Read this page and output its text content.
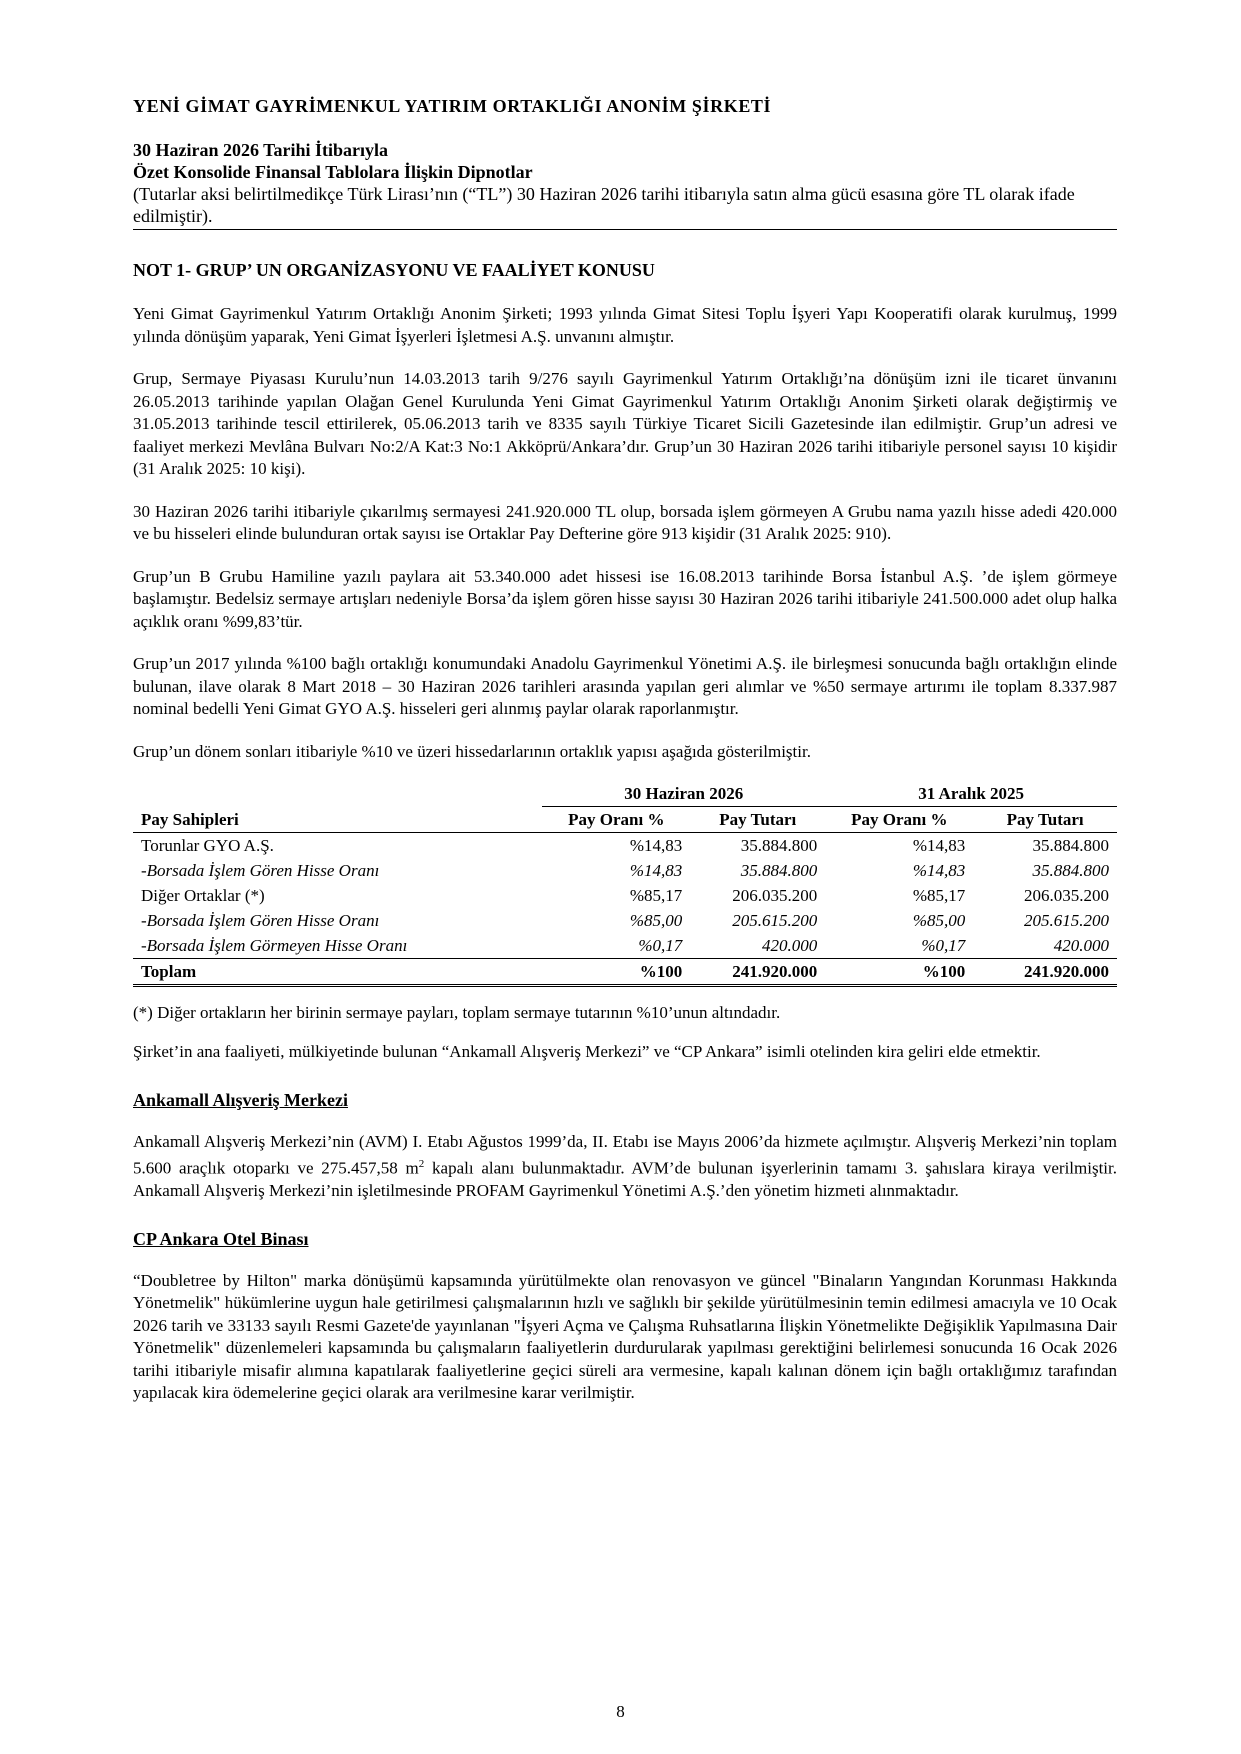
YENİ GİMAT GAYRİMENKUL YATIRIM ORTAKLIĞI ANONİM ŞİRKETİ
30 Haziran 2026 Tarihi İtibarıyla
Özet Konsolide Finansal Tablolara İlişkin Dipnotlar
(Tutarlar aksi belirtilmedikçe Türk Lirası’nın (“TL”) 30 Haziran 2026 tarihi itibarıyla satın alma gücü esasına göre TL olarak ifade edilmiştir).
NOT 1- GRUP’ UN ORGANİZASYONU VE FAALİYET KONUSU

Yeni Gimat Gayrimenkul Yatırım Ortaklığı Anonim Şirketi; 1993 yılında Gimat Sitesi Toplu İşyeri Yapı Kooperatifi olarak kurulmuş, 1999 yılında dönüşüm yaparak, Yeni Gimat İşyerleri İşletmesi A.Ş. unvanını almıştır.

Grup, Sermaye Piyasası Kurulu’nun 14.03.2013 tarih 9/276 sayılı Gayrimenkul Yatırım Ortaklığı’na dönüşüm izni ile ticaret ünvanını 26.05.2013 tarihinde yapılan Olağan Genel Kurulunda Yeni Gimat Gayrimenkul Yatırım Ortaklığı Anonim Şirketi olarak değiştirmiş ve 31.05.2013 tarihinde tescil ettirilerek, 05.06.2013 tarih ve 8335 sayılı Türkiye Ticaret Sicili Gazetesinde ilan edilmiştir. Grup’un adresi ve faaliyet merkezi Mevlâna Bulvarı No:2/A Kat:3 No:1 Akköprü/Ankara’dır. Grup’un 30 Haziran 2026 tarihi itibariyle personel sayısı 10 kişidir (31 Aralık 2025: 10 kişi).

30 Haziran 2026 tarihi itibariyle çıkarılmış sermayesi 241.920.000 TL olup, borsada işlem görmeyen A Grubu nama yazılı hisse adedi 420.000 ve bu hisseleri elinde bulunduran ortak sayısı ise Ortaklar Pay Defterine göre 913 kişidir (31 Aralık 2025: 910).

Grup’un B Grubu Hamiline yazılı paylara ait 53.340.000 adet hissesi ise 16.08.2013 tarihinde Borsa İstanbul A.Ş. ’de işlem görmeye başlamıştır. Bedelsiz sermaye artışları nedeniyle Borsa’da işlem gören hisse sayısı 30 Haziran 2026 tarihi itibariyle 241.500.000 adet olup halka açıklık oranı %99,83’tür.

Grup’un 2017 yılında %100 bağlı ortaklığı konumundaki Anadolu Gayrimenkul Yönetimi A.Ş. ile birleşmesi sonucunda bağlı ortaklığın elinde bulunan, ilave olarak 8 Mart 2018 – 30 Haziran 2026 tarihleri arasında yapılan geri alımlar ve %50 sermaye artırımı ile toplam 8.337.987 nominal bedelli Yeni Gimat GYO A.Ş. hisseleri geri alınmış paylar olarak raporlanmıştır.

Grup’un dönem sonları itibariyle %10 ve üzeri hissedarlarının ortaklık yapısı aşağıda gösterilmiştir.

	30 Haziran 2026		31 Aralık 2025	
Pay Sahipleri	Pay Oranı %	Pay Tutarı	Pay Oranı %	Pay Tutarı
Torunlar GYO A.Ş.	%14,83	35.884.800	%14,83	35.884.800
-Borsada İşlem Gören Hisse Oranı	%14,83	35.884.800	%14,83	35.884.800
Diğer Ortaklar (*)	%85,17	206.035.200	%85,17	206.035.200
-Borsada İşlem Gören Hisse Oranı	%85,00	205.615.200	%85,00	205.615.200
-Borsada İşlem Görmeyen Hisse Oranı	%0,17	420.000	%0,17	420.000
Toplam	%100	241.920.000	%100	241.920.000
(*) Diğer ortakların her birinin sermaye payları, toplam sermaye tutarının %10’unun altındadır.

Şirket’in ana faaliyeti, mülkiyetinde bulunan “Ankamall Alışveriş Merkezi” ve “CP Ankara” isimli otelinden kira geliri elde etmektir.

Ankamall Alışveriş Merkezi

Ankamall Alışveriş Merkezi’nin (AVM) I. Etabı Ağustos 1999’da, II. Etabı ise Mayıs 2006’da hizmete açılmıştır. Alışveriş Merkezi’nin toplam 5.600 araçlık otoparkı ve 275.457,58 $m^2$ kapalı alanı bulunmaktadır. AVM’de bulunan işyerlerinin tamamı 3. şahıslara kiraya verilmiştir. Ankamall Alışveriş Merkezi’nin işletilmesinde PROFAM Gayrimenkul Yönetimi A.Ş.’den yönetim hizmeti alınmaktadır.

CP Ankara Otel Binası

“Doubletree by Hilton" marka dönüşümü kapsamında yürütülmekte olan renovasyon ve güncel "Binaların Yangından Korunması Hakkında Yönetmelik" hükümlerine uygun hale getirilmesi çalışmalarının hızlı ve sağlıklı bir şekilde yürütülmesinin temin edilmesi amacıyla ve 10 Ocak 2026 tarih ve 33133 sayılı Resmi Gazete'de yayınlanan "İşyeri Açma ve Çalışma Ruhsatlarına İlişkin Yönetmelikte Değişiklik Yapılmasına Dair Yönetmelik" düzenlemeleri kapsamında bu çalışmaların faaliyetlerin durdurularak yapılması gerektiğini belirlemesi sonucunda 16 Ocak 2026 tarihi itibariyle misafir alımına kapatılarak faaliyetlerine geçici süreli ara vermesine, kapalı kalınan dönem için bağlı ortaklığımız tarafından yapılacak kira ödemelerine geçici olarak ara verilmesine karar verilmiştir.

8
